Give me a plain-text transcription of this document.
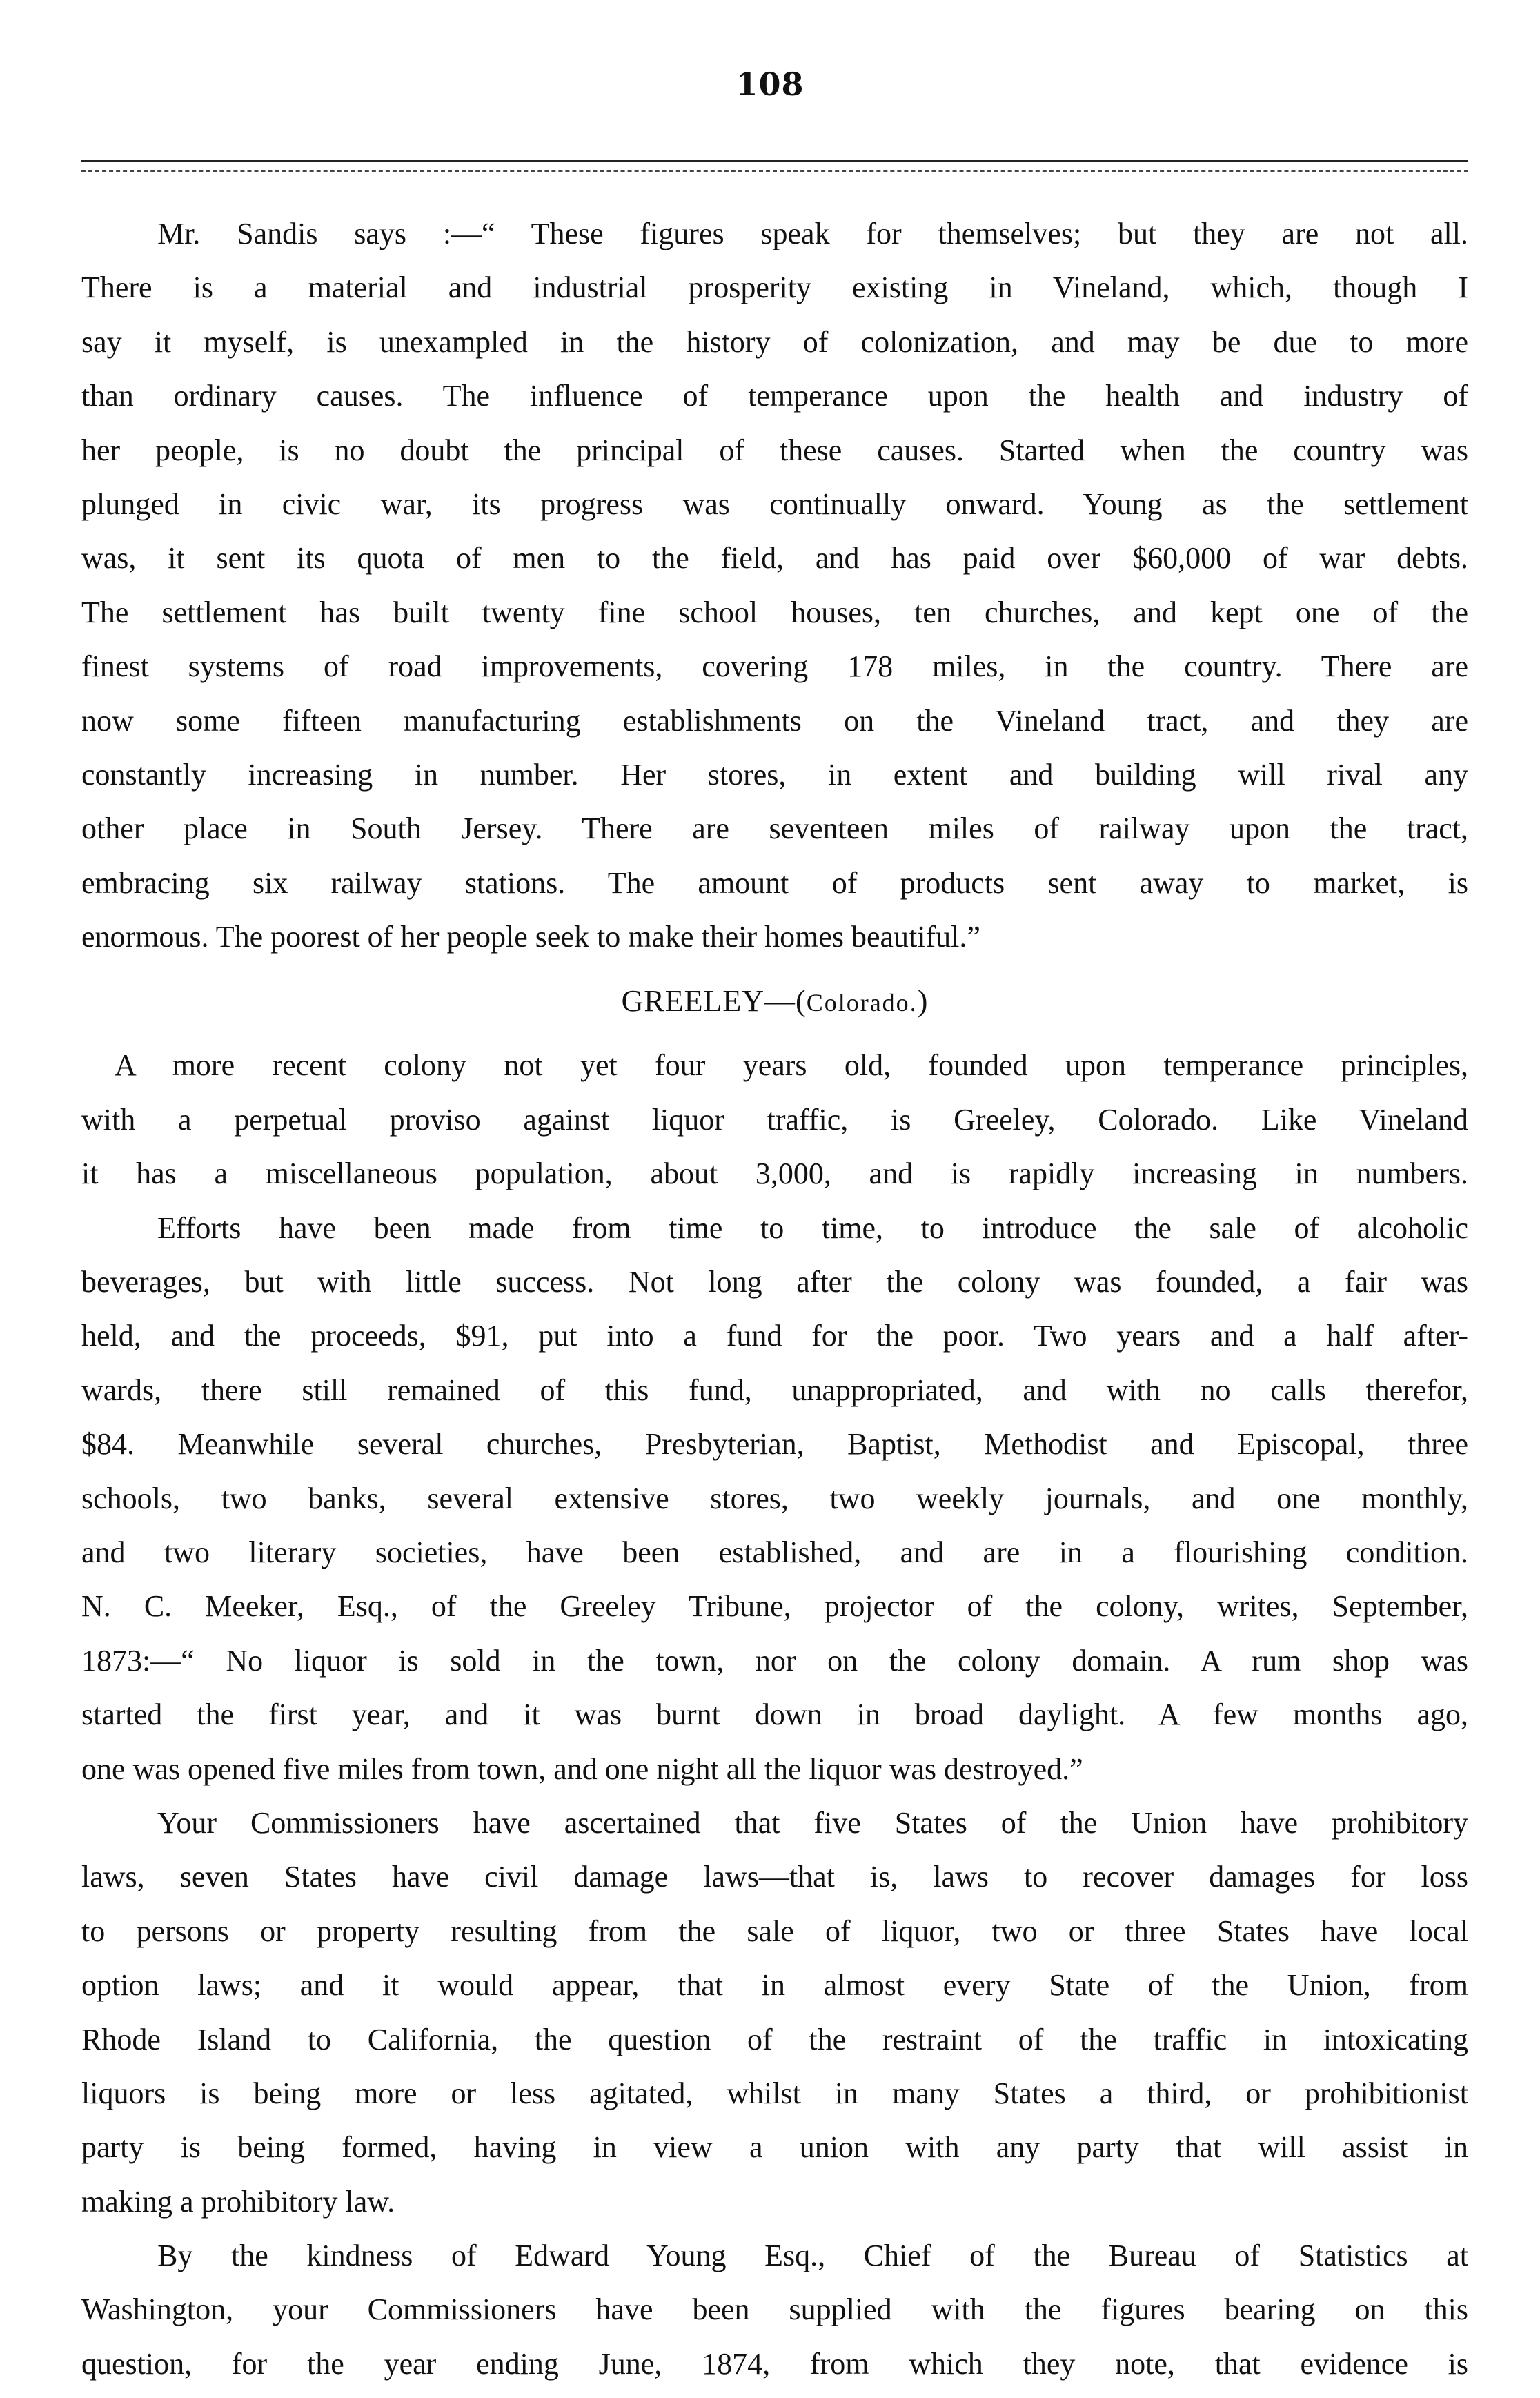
108
Mr. Sandis says :—“ These figures speak for themselves; but they are not all.
There is a material and industrial prosperity existing in Vineland, which, though I
say it myself, is unexampled in the history of colonization, and may be due to more
than ordinary causes. The influence of temperance upon the health and industry of
her people, is no doubt the principal of these causes. Started when the country was
plunged in civic war, its progress was continually onward. Young as the settlement
was, it sent its quota of men to the field, and has paid over $60,000 of war debts.
The settlement has built twenty fine school houses, ten churches, and kept one of the
finest systems of road improvements, covering 178 miles, in the country. There are
now some fifteen manufacturing establishments on the Vineland tract, and they are
constantly increasing in number. Her stores, in extent and building will rival any
other place in South Jersey. There are seventeen miles of railway upon the tract,
embracing six railway stations. The amount of products sent away to market, is
enormous. The poorest of her people seek to make their homes beautiful.”
GREELEY—(Colorado.)
A more recent colony not yet four years old, founded upon temperance principles,
with a perpetual proviso against liquor traffic, is Greeley, Colorado. Like Vineland
it has a miscellaneous population, about 3,000, and is rapidly increasing in numbers.
Efforts have been made from time to time, to introduce the sale of alcoholic
beverages, but with little success. Not long after the colony was founded, a fair was
held, and the proceeds, $91, put into a fund for the poor. Two years and a half after-
wards, there still remained of this fund, unappropriated, and with no calls therefor,
$84. Meanwhile several churches, Presbyterian, Baptist, Methodist and Episcopal, three
schools, two banks, several extensive stores, two weekly journals, and one monthly,
and two literary societies, have been established, and are in a flourishing condition.
N. C. Meeker, Esq., of the Greeley Tribune, projector of the colony, writes, September,
1873:—“ No liquor is sold in the town, nor on the colony domain. A rum shop was
started the first year, and it was burnt down in broad daylight. A few months ago,
one was opened five miles from town, and one night all the liquor was destroyed.”
Your Commissioners have ascertained that five States of the Union have prohibitory
laws, seven States have civil damage laws—that is, laws to recover damages for loss
to persons or property resulting from the sale of liquor, two or three States have local
option laws; and it would appear, that in almost every State of the Union, from
Rhode Island to California, the question of the restraint of the traffic in intoxicating
liquors is being more or less agitated, whilst in many States a third, or prohibitionist
party is being formed, having in view a union with any party that will assist in
making a prohibitory law.
By the kindness of Edward Young Esq., Chief of the Bureau of Statistics at
Washington, your Commissioners have been supplied with the figures bearing on this
question, for the year ending June, 1874, from which they note, that evidence is
